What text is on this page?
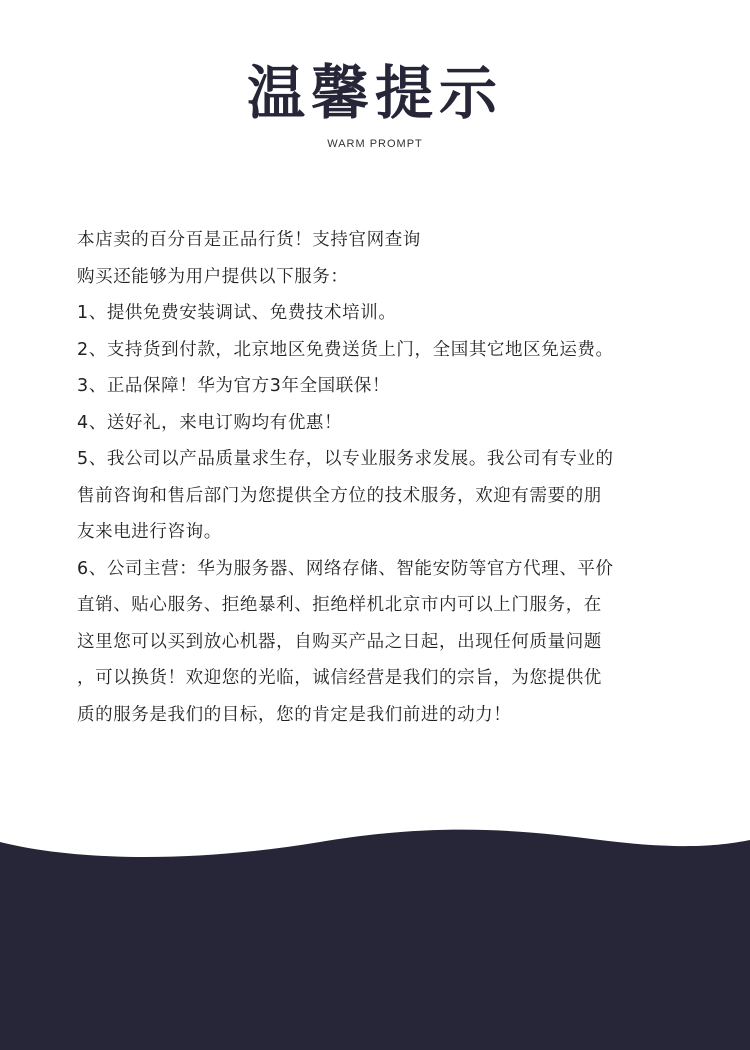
温馨提示
WARM PROMPT
本店卖的百分百是正品行货！支持官网查询
购买还能够为用户提供以下服务：
1、提供免费安装调试、免费技术培训。
2、支持货到付款，北京地区免费送货上门，全国其它地区免运费。
3、正品保障！华为官方3年全国联保！
4、送好礼，来电订购均有优惠！
5、我公司以产品质量求生存，以专业服务求发展。我公司有专业的
售前咨询和售后部门为您提供全方位的技术服务，欢迎有需要的朋
友来电进行咨询。
6、公司主营：华为服务器、网络存储、智能安防等官方代理、平价
直销、贴心服务、拒绝暴利、拒绝样机北京市内可以上门服务，在
这里您可以买到放心机器，自购买产品之日起，出现任何质量问题
，可以换货！欢迎您的光临，诚信经营是我们的宗旨，为您提供优
质的服务是我们的目标，您的肯定是我们前进的动力！
